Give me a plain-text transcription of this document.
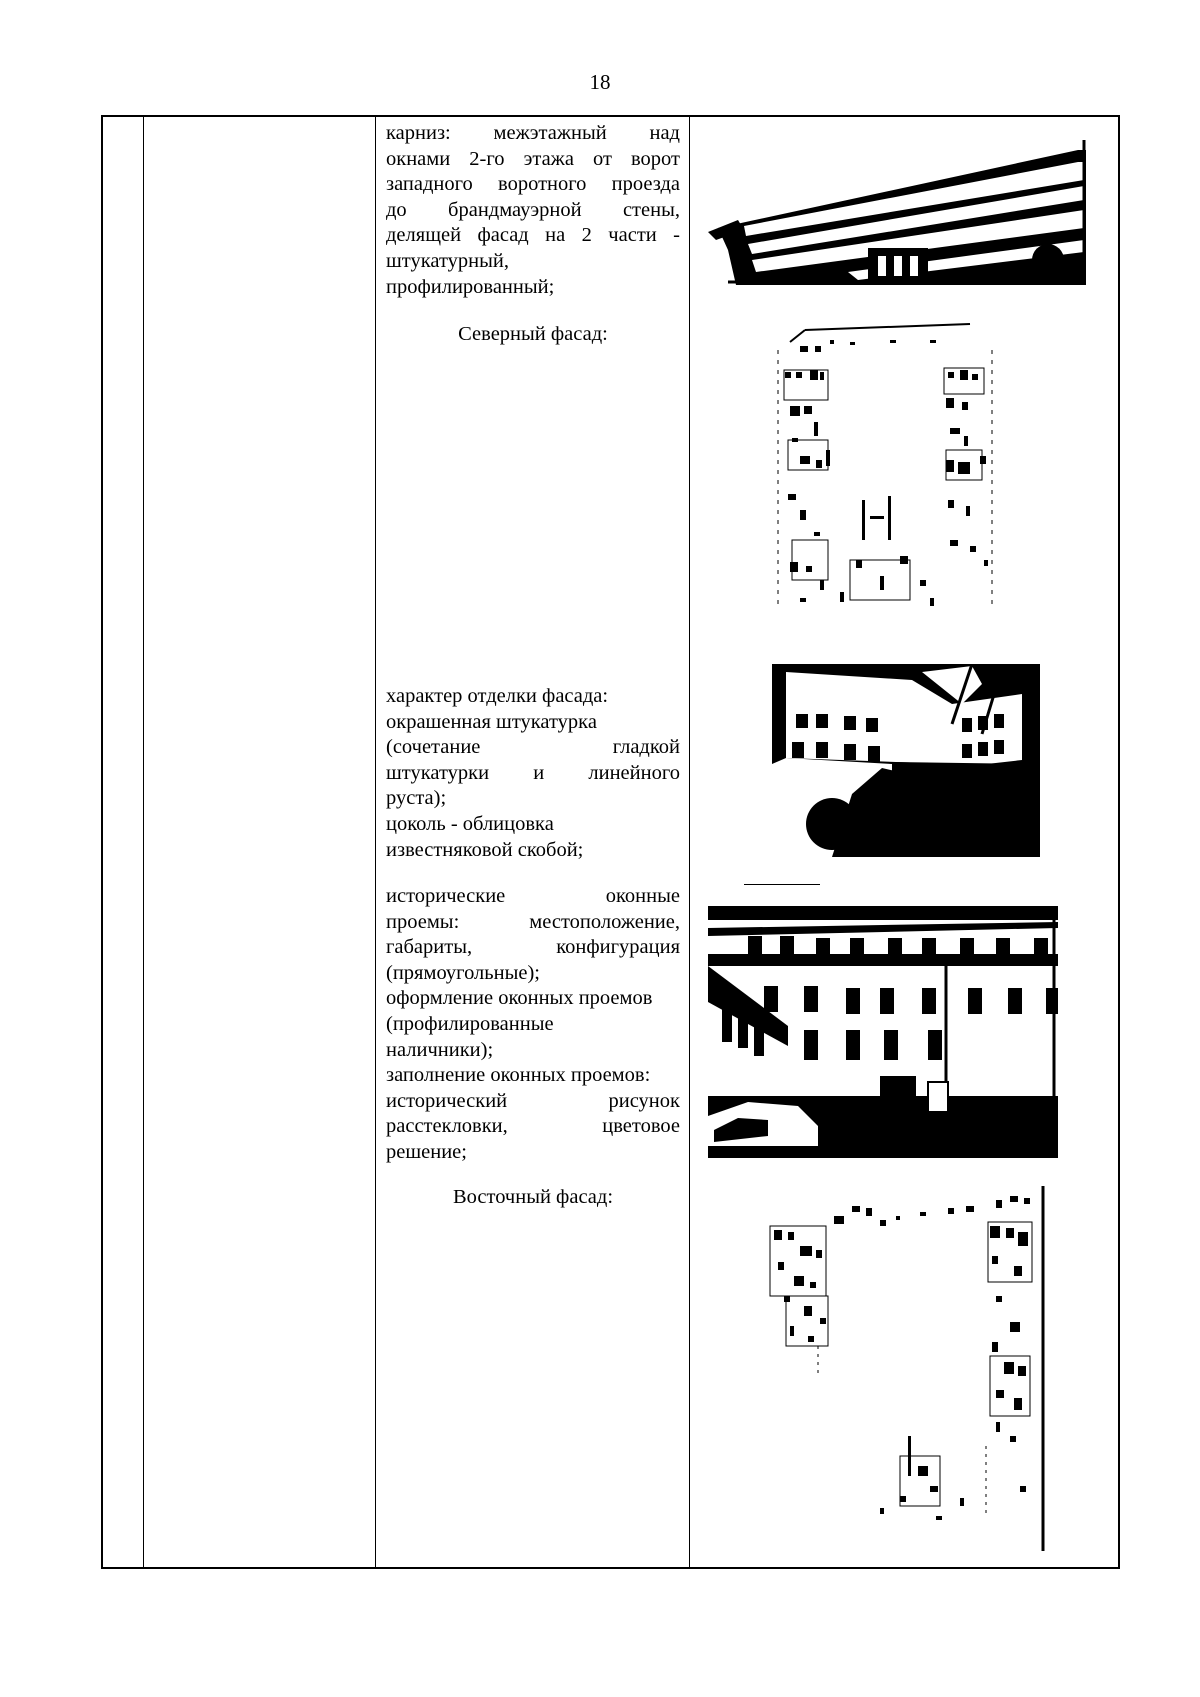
18
карниз: межэтажный над
окнами 2-го этажа от ворот
западного воротного проезда
до брандмауэрной стены,
делящей фасад на 2 части -
штукатурный,
профилированный;
Северный фасад:
характер отделки фасада:
окрашенная штукатурка
(сочетание гладкой
штукатурки и линейного
руста);
цоколь - облицовка
известняковой скобой;
исторические оконные
проемы: местоположение,
габариты, конфигурация
(прямоугольные);
оформление оконных проемов
(профилированные
наличники);
заполнение оконных проемов:
исторический рисунок
расстекловки, цветовое
решение;
Восточный фасад:
